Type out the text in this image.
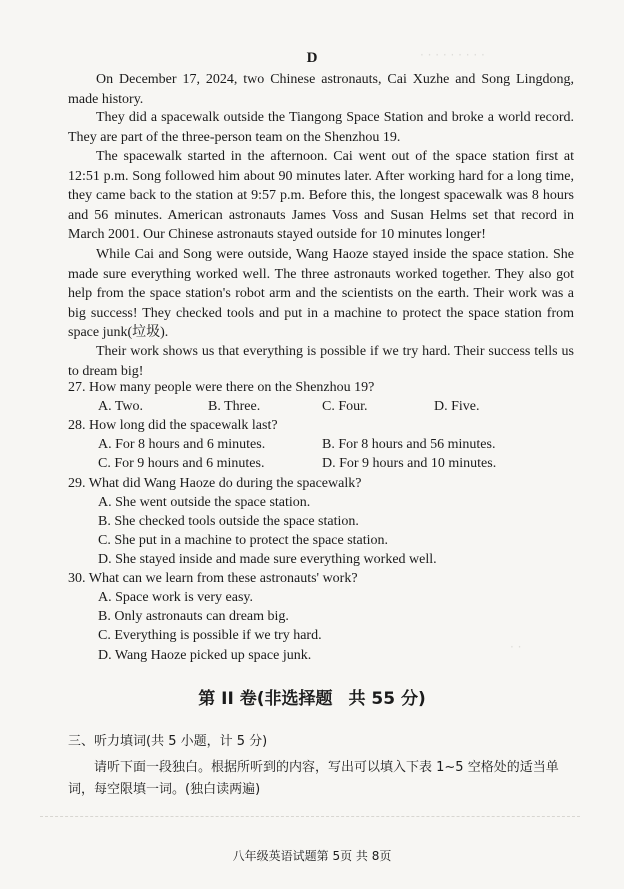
· · · · · · · · ·
· ·
D

On December 17, 2024, two Chinese astronauts, Cai Xuzhe and Song Lingdong, made history.

They did a spacewalk outside the Tiangong Space Station and broke a world record. They are part of the three-person team on the Shenzhou 19.

The spacewalk started in the afternoon. Cai went out of the space station first at 12:51 p.m. Song followed him about 90 minutes later. After working hard for a long time, they came back to the station at 9:57 p.m. Before this, the longest spacewalk was 8 hours and 56 minutes. American astronauts James Voss and Susan Helms set that record in March 2001. Our Chinese astronauts stayed outside for 10 minutes longer!

While Cai and Song were outside, Wang Haoze stayed inside the space station. She made sure everything worked well. The three astronauts worked together. They also got help from the space station's robot arm and the scientists on the earth. Their work was a big success! They checked tools and put in a machine to protect the space station from space junk(垃圾).

Their work shows us that everything is possible if we try hard. Their success tells us to dream big!

27. How many people were there on the Shenzhou 19?

A. Two.	B. Three.	C. Four.	D. Five.

28. How long did the spacewalk last?

A. For 8 hours and 6 minutes.	B. For 8 hours and 56 minutes.
C. For 9 hours and 6 minutes.	D. For 9 hours and 10 minutes.

29. What did Wang Haoze do during the spacewalk?

A. She went outside the space station.
B. She checked tools outside the space station.
C. She put in a machine to protect the space station.
D. She stayed inside and made sure everything worked well.

30. What can we learn from these astronauts' work?

A. Space work is very easy.
B. Only astronauts can dream big.
C. Everything is possible if we try hard.
D. Wang Haoze picked up space junk.
第 II 卷(非选择题 共 55 分)
三、听力填词(共 5 小题，计 5 分)

请听下面一段独白。根据所听到的内容，写出可以填入下表 1~5 空格处的适当单词，每空限填一词。(独白读两遍)

八年级英语试题第 5页 共 8页
